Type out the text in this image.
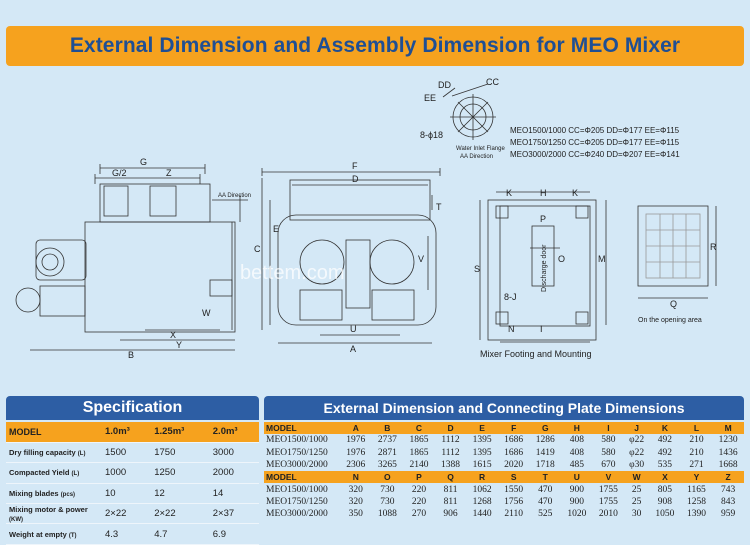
External Dimension and Assembly Dimension for MEO Mixer
DD	CC
EE
8-ϕ18
Water Inlet Flange
AA Direction
MEO1500/1000 CC=Φ205 DD=Φ177 EE=Φ115
MEO1750/1250 CC=Φ205 DD=Φ177 EE=Φ115
MEO3000/2000 CC=Φ240 DD=Φ207 EE=Φ141
G
G/2	Z
AA Direction
C
W
X
Y
B
F
D
E
T
V
U
A
K	H	K
P
Discharge door O
S
M
8-J
N	I
Mixer Footing and Mounting
R
Q
On the opening area
bettem.com
Specification
MODEL	1.0m³	1.25m³	2.0m³
Dry filling capacity (L)	1500	1750	3000
Compacted Yield (L)	1000	1250	2000
Mixing blades (pcs)	10	12	14
Mixing motor & power (KW)	2×22	2×22	2×37
Weight at empty (T)	4.3	4.7	6.9
External Dimension and Connecting Plate Dimensions
MODEL	A	B	C	D	E	F	G	H	I	J	K	L	M
MEO1500/1000	1976	2737	1865	1112	1395	1686	1286	408	580	φ22	492	210	1230
MEO1750/1250	1976	2871	1865	1112	1395	1686	1419	408	580	φ22	492	210	1436
MEO3000/2000	2306	3265	2140	1388	1615	2020	1718	485	670	φ30	535	271	1668
MODEL	N	O	P	Q	R	S	T	U	V	W	X	Y	Z
MEO1500/1000	320	730	220	811	1062	1550	470	900	1755	25	805	1165	743
MEO1750/1250	320	730	220	811	1268	1756	470	900	1755	25	908	1258	843
MEO3000/2000	350	1088	270	906	1440	2110	525	1020	2010	30	1050	1390	959
